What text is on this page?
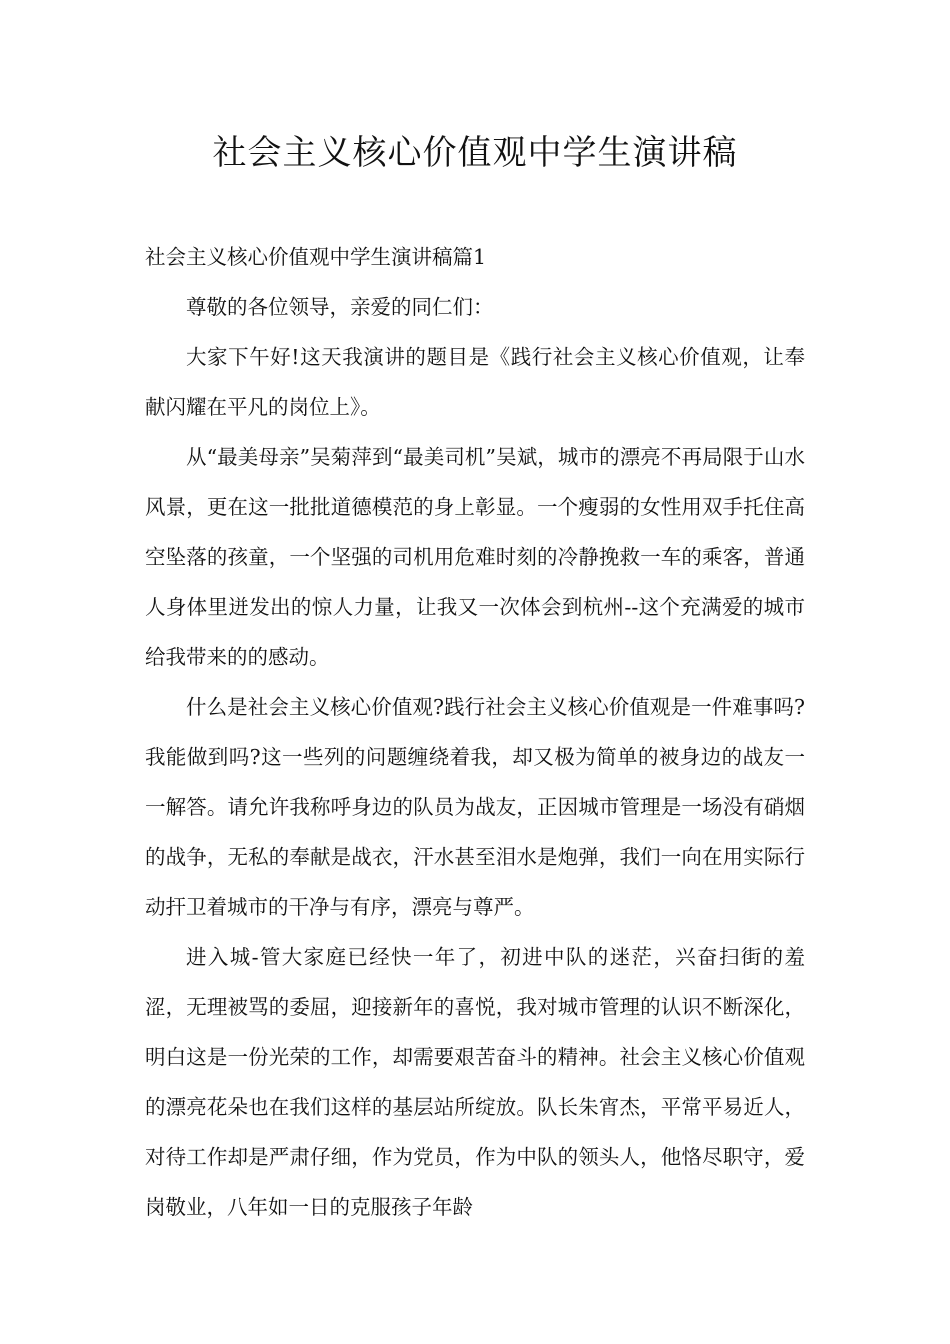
社会主义核心价值观中学生演讲稿

社会主义核心价值观中学生演讲稿篇1

尊敬的各位领导，亲爱的同仁们：

大家下午好!这天我演讲的题目是《践行社会主义核心价值观，让奉献闪耀在平凡的岗位上》。

从“最美母亲”吴菊萍到“最美司机”吴斌，城市的漂亮不再局限于山水风景，更在这一批批道德模范的身上彰显。一个瘦弱的女性用双手托住高空坠落的孩童，一个坚强的司机用危难时刻的冷静挽救一车的乘客，普通人身体里迸发出的惊人力量，让我又一次体会到杭州--这个充满爱的城市给我带来的的感动。

什么是社会主义核心价值观?践行社会主义核心价值观是一件难事吗?我能做到吗?这一些列的问题缠绕着我，却又极为简单的被身边的战友一一解答。请允许我称呼身边的队员为战友，正因城市管理是一场没有硝烟的战争，无私的奉献是战衣，汗水甚至泪水是炮弹，我们一向在用实际行动扞卫着城市的干净与有序，漂亮与尊严。

进入城-管大家庭已经快一年了，初进中队的迷茫，兴奋扫街的羞涩，无理被骂的委屈，迎接新年的喜悦，我对城市管理的认识不断深化，明白这是一份光荣的工作，却需要艰苦奋斗的精神。社会主义核心价值观的漂亮花朵也在我们这样的基层站所绽放。队长朱宵杰，平常平易近人，对待工作却是严肃仔细，作为党员，作为中队的领头人，他恪尽职守，爱岗敬业，八年如一日的克服孩子年龄
